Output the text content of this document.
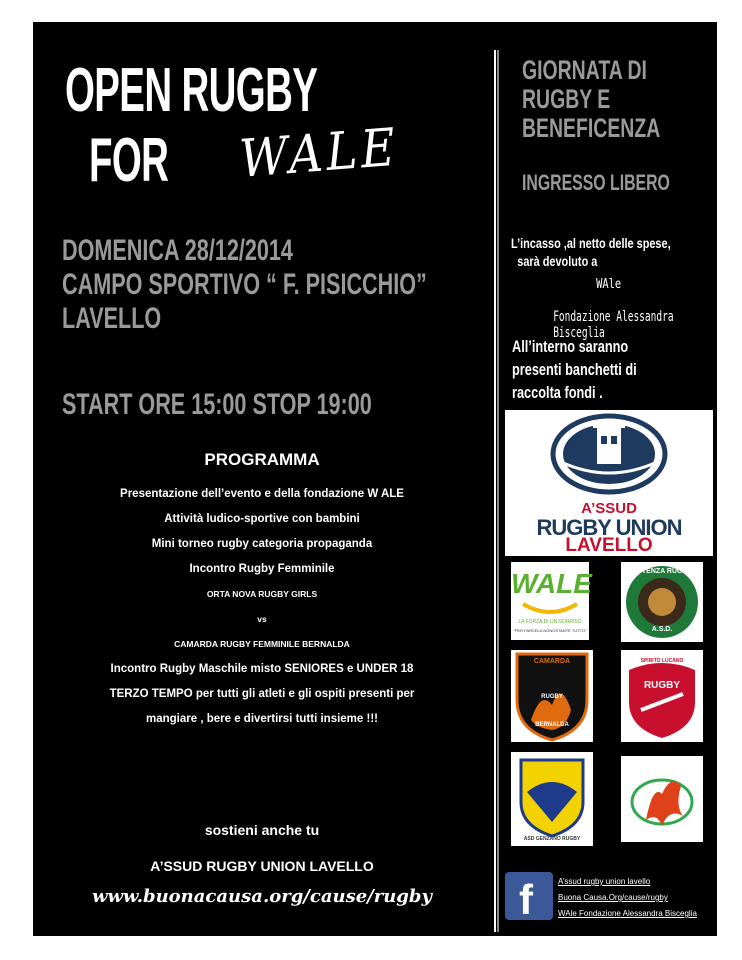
OPEN RUGBY
FOR WALE
DOMENICA 28/12/2014
CAMPO SPORTIVO “ F. PISICCHIO”
LAVELLO
START ORE 15:00 STOP 19:00
PROGRAMMA
Presentazione dell’evento e della fondazione W ALE
Attività ludico-sportive con bambini
Mini torneo rugby categoria propaganda
Incontro Rugby Femminile
ORTA NOVA RUGBY GIRLS
vs
CAMARDA RUGBY FEMMINILE BERNALDA
Incontro Rugby Maschile misto SENIORES e UNDER 18
TERZO TEMPO per tutti gli atleti e gli ospiti presenti per
mangiare , bere e divertirsi tutti insieme !!!
sostieni anche tu
A’SSUD RUGBY UNION LAVELLO
www.buonacausa.org/cause/rugby
GIORNATA DI
RUGBY E
BENEFICENZA
INGRESSO LIBERO
L’incasso ,al netto delle spese,
sarà devoluto a
WAle
Fondazione Alessandra Bisceglia
All’interno saranno
presenti banchetti di
raccolta fondi .
A’SSUD
RUGBY UNION
LAVELLO
WALE
LA FORZA DI UN SORRISO
"PER FARCELA NONOSTANTE TUTTO"
POTENZA RUGBY
A.S.D.
CAMARDA
RUGBY
BERNALDA
SPIRITO LUCANO
RUGBY
ASD GENZANO RUGBY
f	A’ssud rugby union lavello
Buona Causa.Org/cause/rugby
WAle Fondazione Alessandra Bisceglia
